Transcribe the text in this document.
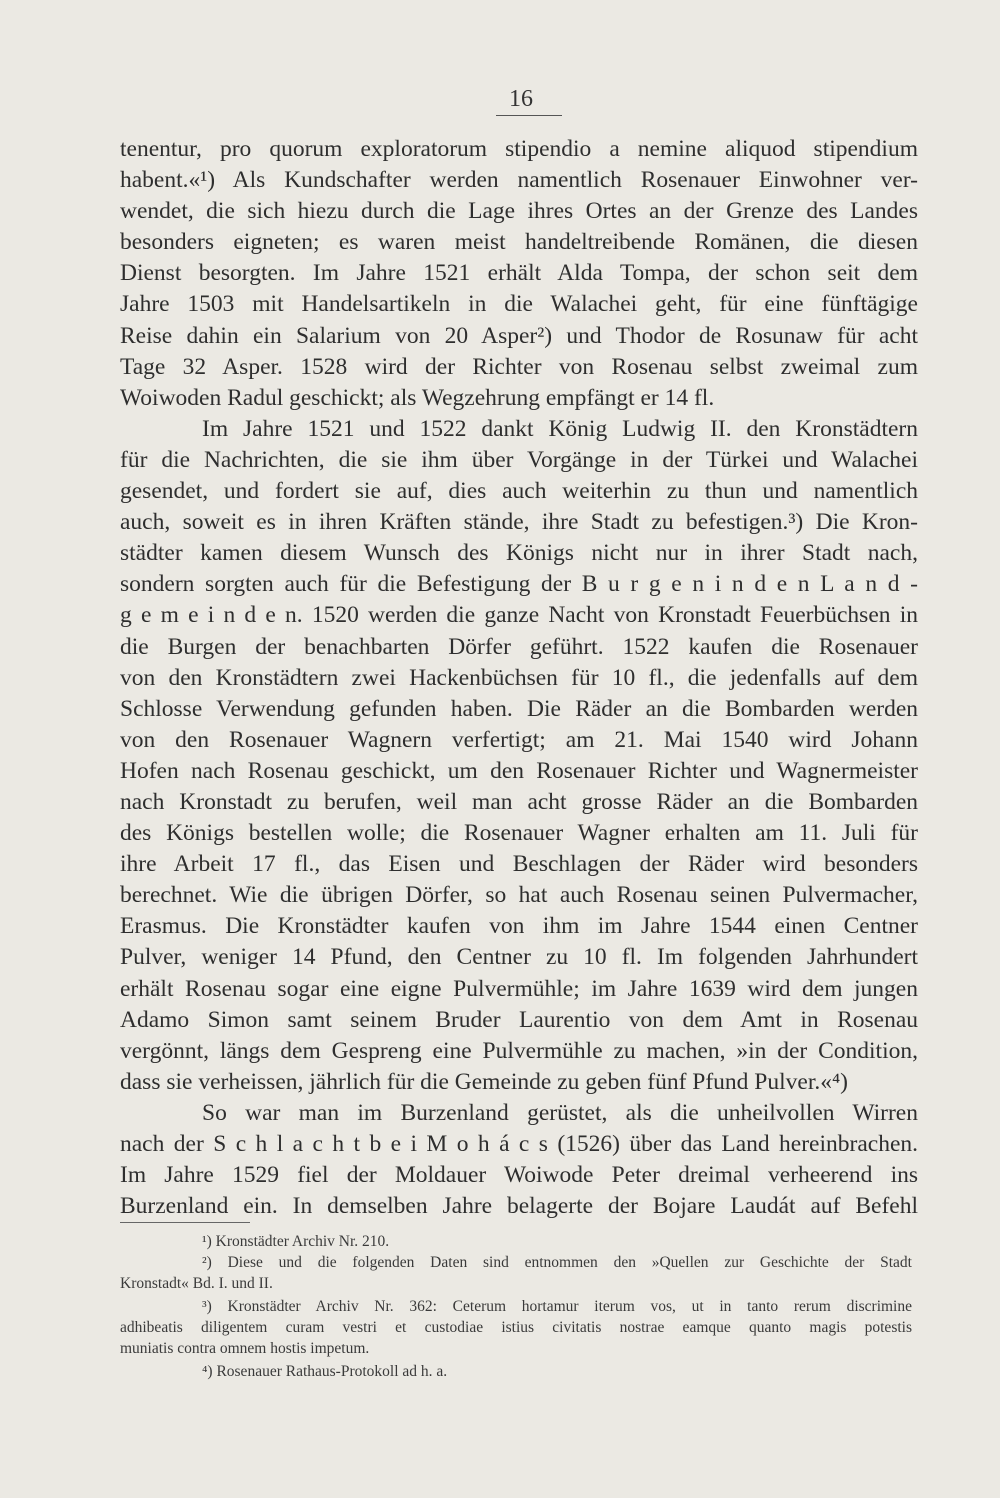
16
tenentur, pro quorum exploratorum stipendio a nemine aliquod stipendium
habent.«¹) Als Kundschafter werden namentlich Rosenauer Einwohner ver-
wendet, die sich hiezu durch die Lage ihres Ortes an der Grenze des Landes
besonders eigneten; es waren meist handeltreibende Romänen, die diesen
Dienst besorgten. Im Jahre 1521 erhält Alda Tompa, der schon seit dem
Jahre 1503 mit Handelsartikeln in die Walachei geht, für eine fünftägige
Reise dahin ein Salarium von 20 Asper²) und Thodor de Rosunaw für acht
Tage 32 Asper. 1528 wird der Richter von Rosenau selbst zweimal zum
Woiwoden Radul geschickt; als Wegzehrung empfängt er 14 fl.
Im Jahre 1521 und 1522 dankt König Ludwig II. den Kronstädtern
für die Nachrichten, die sie ihm über Vorgänge in der Türkei und Walachei
gesendet, und fordert sie auf, dies auch weiterhin zu thun und namentlich
auch, soweit es in ihren Kräften stände, ihre Stadt zu befestigen.³) Die Kron-
städter kamen diesem Wunsch des Königs nicht nur in ihrer Stadt nach,
sondern sorgten auch für die Befestigung der B u r g e n i n d e n L a n d -
g e m e i n d e n. 1520 werden die ganze Nacht von Kronstadt Feuerbüchsen in
die Burgen der benachbarten Dörfer geführt. 1522 kaufen die Rosenauer
von den Kronstädtern zwei Hackenbüchsen für 10 fl., die jedenfalls auf dem
Schlosse Verwendung gefunden haben. Die Räder an die Bombarden werden
von den Rosenauer Wagnern verfertigt; am 21. Mai 1540 wird Johann
Hofen nach Rosenau geschickt, um den Rosenauer Richter und Wagnermeister
nach Kronstadt zu berufen, weil man acht grosse Räder an die Bombarden
des Königs bestellen wolle; die Rosenauer Wagner erhalten am 11. Juli für
ihre Arbeit 17 fl., das Eisen und Beschlagen der Räder wird besonders
berechnet. Wie die übrigen Dörfer, so hat auch Rosenau seinen Pulvermacher,
Erasmus. Die Kronstädter kaufen von ihm im Jahre 1544 einen Centner
Pulver, weniger 14 Pfund, den Centner zu 10 fl. Im folgenden Jahrhundert
erhält Rosenau sogar eine eigne Pulvermühle; im Jahre 1639 wird dem jungen
Adamo Simon samt seinem Bruder Laurentio von dem Amt in Rosenau
vergönnt, längs dem Gespreng eine Pulvermühle zu machen, »in der Condition,
dass sie verheissen, jährlich für die Gemeinde zu geben fünf Pfund Pulver.«⁴)
So war man im Burzenland gerüstet, als die unheilvollen Wirren
nach der S c h l a c h t b e i M o h á c s (1526) über das Land hereinbrachen.
Im Jahre 1529 fiel der Moldauer Woiwode Peter dreimal verheerend ins
Burzenland ein. In demselben Jahre belagerte der Bojare Laudát auf Befehl
¹) Kronstädter Archiv Nr. 210.
²) Diese und die folgenden Daten sind entnommen den »Quellen zur Geschichte der Stadt
Kronstadt« Bd. I. und II.
³) Kronstädter Archiv Nr. 362: Ceterum hortamur iterum vos, ut in tanto rerum discrimine
adhibeatis diligentem curam vestri et custodiae istius civitatis nostrae eamque quanto magis potestis
muniatis contra omnem hostis impetum.
⁴) Rosenauer Rathaus-Protokoll ad h. a.
